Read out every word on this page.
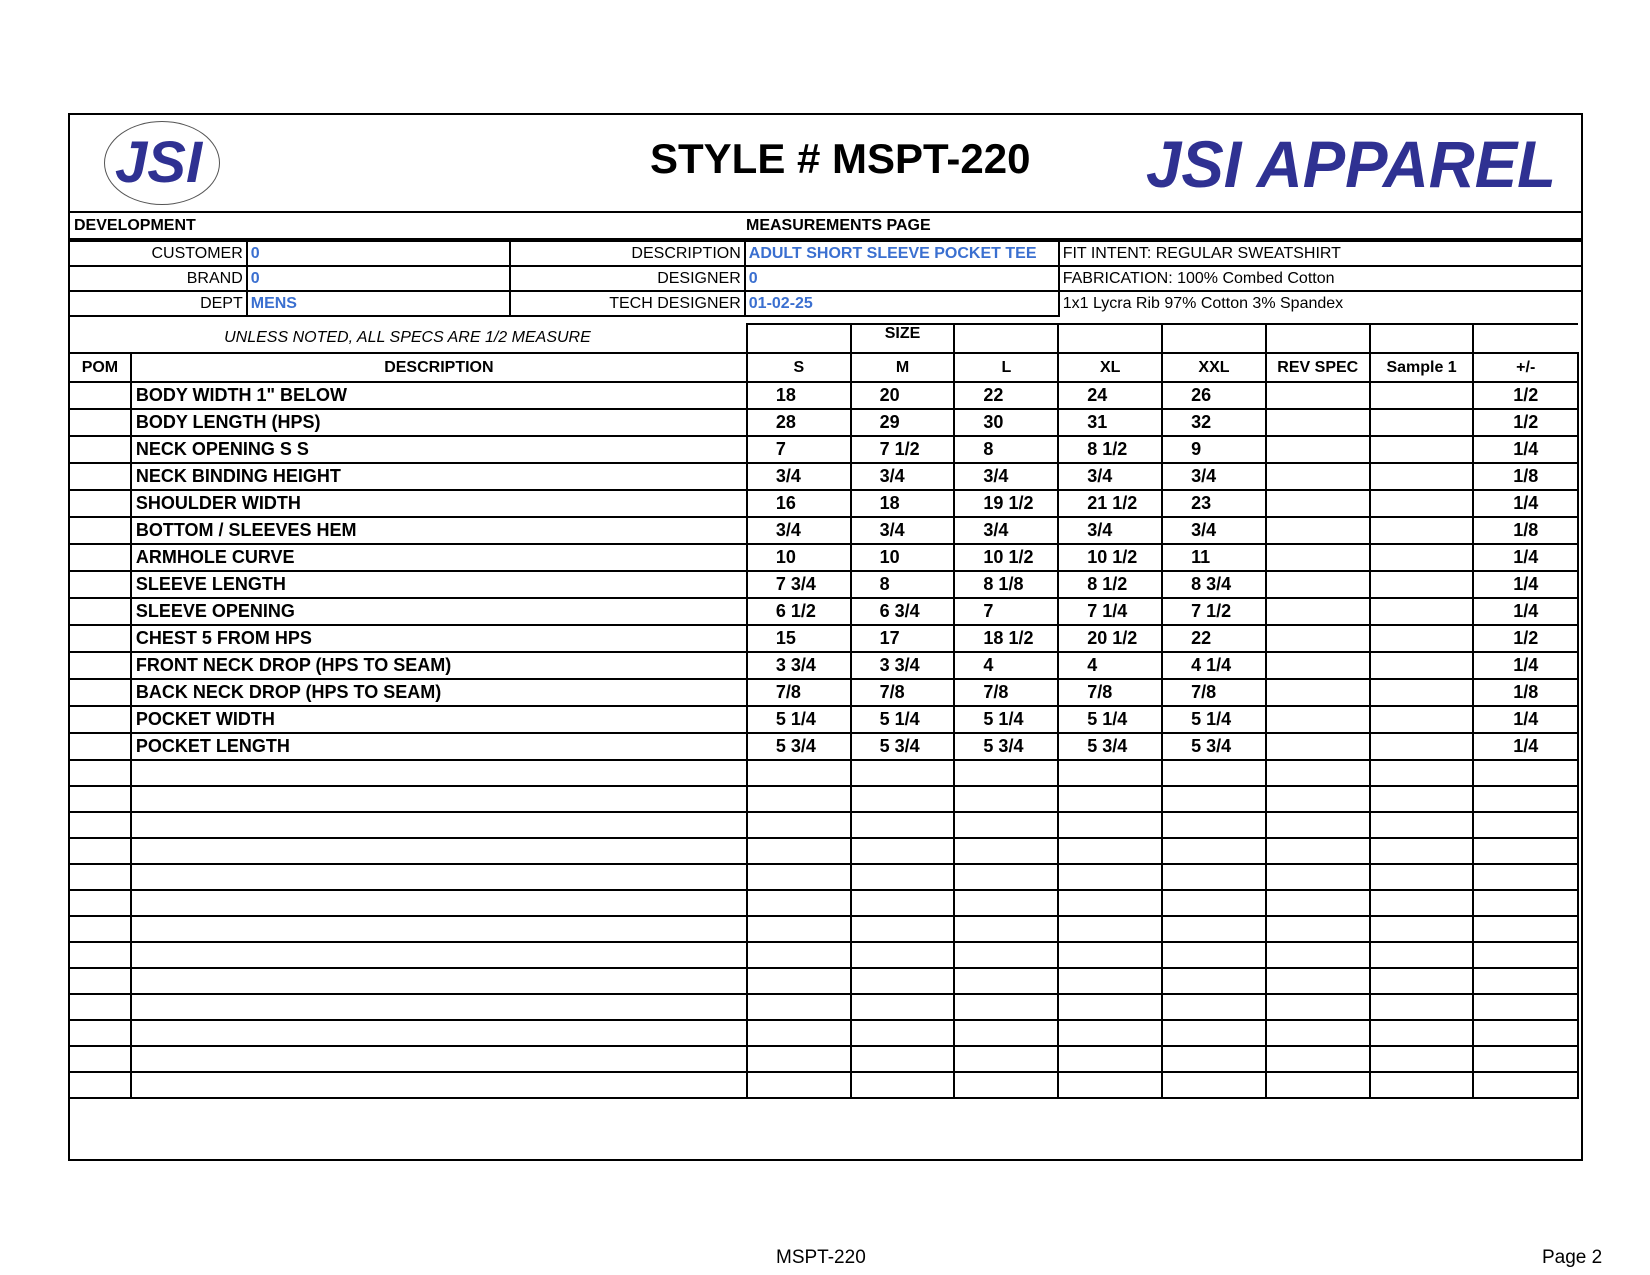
JSI	STYLE # MSPT-220	JSI APPAREL
DEVELOPMENT	MEASUREMENTS PAGE
CUSTOMER	0	DESCRIPTION	ADULT SHORT SLEEVE POCKET TEE	FIT INTENT: REGULAR SWEATSHIRT
BRAND	0	DESIGNER	0	FABRICATION: 100% Combed Cotton
DEPT	MENS	TECH DESIGNER	01-02-25	1x1 Lycra Rib 97% Cotton 3% Spandex
UNLESS NOTED, ALL SPECS ARE 1/2 MEASURE			SIZE						
POM	DESCRIPTION	S	M	L	XL	XXL	REV SPEC	Sample 1	+/-
	BODY WIDTH 1" BELOW	18	20	22	24	26			1/2
	BODY LENGTH (HPS)	28	29	30	31	32			1/2
	NECK OPENING S S	7	7 1/2	8	8 1/2	9			1/4
	NECK BINDING HEIGHT	3/4	3/4	3/4	3/4	3/4			1/8
	SHOULDER WIDTH	16	18	19 1/2	21 1/2	23			1/4
	BOTTOM / SLEEVES HEM	3/4	3/4	3/4	3/4	3/4			1/8
	ARMHOLE CURVE	10	10	10 1/2	10 1/2	11			1/4
	SLEEVE LENGTH	7 3/4	8	8 1/8	8 1/2	8 3/4			1/4
	SLEEVE OPENING	6 1/2	6 3/4	7	7 1/4	7 1/2			1/4
	CHEST 5 FROM HPS	15	17	18 1/2	20 1/2	22			1/2
	FRONT NECK DROP (HPS TO SEAM)	3 3/4	3 3/4	4	4	4 1/4			1/4
	BACK NECK DROP (HPS TO SEAM)	7/8	7/8	7/8	7/8	7/8			1/8
	POCKET WIDTH	5 1/4	5 1/4	5 1/4	5 1/4	5 1/4			1/4
	POCKET LENGTH	5 3/4	5 3/4	5 3/4	5 3/4	5 3/4			1/4

MSPT-220	Page 2
